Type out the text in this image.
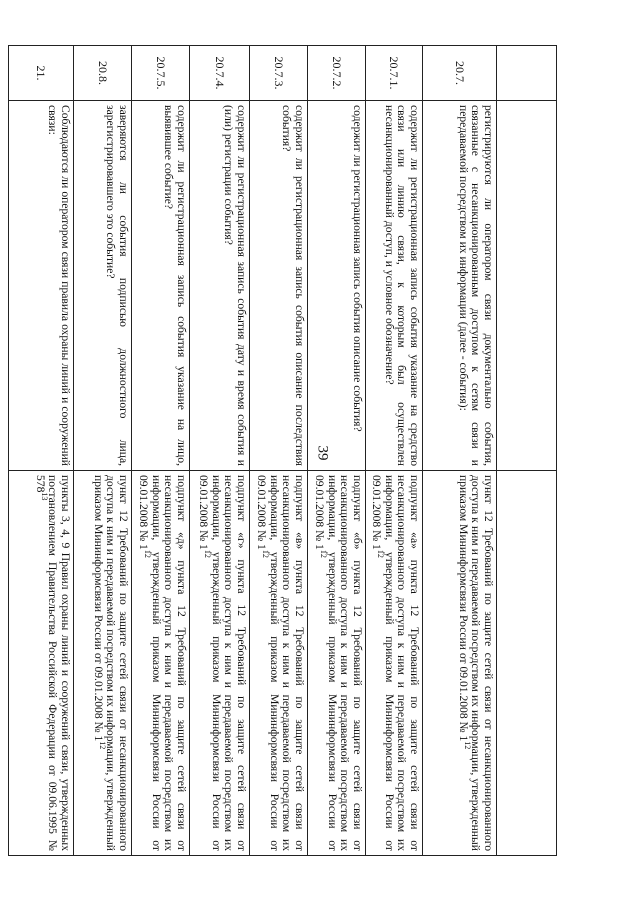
39

20.7.	регистрируются ли оператором связи документально события, связанные с несанкционированным доступом к сетям связи и передаваемой посредством их информации (далее - события):	пункт 12 Требований по защите сетей связи от несанкционированного доступа к ним и передаваемой посредством их информации, утвержденный приказом Мининформсвязи России от 09.01.2008 № $1^{12}$
20.7.1.	содержит ли регистрационная запись события указание на средство связи или линию связи, к которым был осуществлен несанкционированный доступ, и условное обозначение?	подпункт «а» пункта 12 Требований по защите сетей связи от несанкционированного доступа к ним и передаваемой посредством их информации, утвержденный приказом Мининформсвязи России от 09.01.2008 № $1^{12}$
20.7.2.	содержит ли регистрационная запись события описание события?	подпункт «б» пункта 12 Требований по защите сетей связи от несанкционированного доступа к ним и передаваемой посредством их информации, утвержденный приказом Мининформсвязи России от 09.01.2008 № $1^{12}$
20.7.3.	содержит ли регистрационная запись события описание последствия события?	подпункт «в» пункта 12 Требований по защите сетей связи от несанкционированного доступа к ним и передаваемой посредством их информации, утвержденный приказом Мининформсвязи России от 09.01.2008 № $1^{12}$
20.7.4.	содержит ли регистрационная запись события дату и время события и (или) регистрации события?	подпункт «г» пункта 12 Требований по защите сетей связи от несанкционированного доступа к ним и передаваемой посредством их информации, утвержденный приказом Мининформсвязи России от 09.01.2008 № $1^{12}$
20.7.5.	содержит ли регистрационная запись события указание на лицо, выявившее событие?	подпункт «д» пункта 12 Требований по защите сетей связи от несанкционированного доступа к ним и передаваемой посредством их информации, утвержденный приказом Мининформсвязи России от 09.01.2008 № $1^{12}$
20.8.	заверяются ли события подписью должностного лица, зарегистрировавшего это событие?	пункт 12 Требований по защите сетей связи от несанкционированного доступа к ним и передаваемой посредством их информации, утвержденный приказом Мининформсвязи России от 09.01.2008 № $1^{12}$
21.	Соблюдаются ли оператором связи правила охраны линий и сооружений связи:	пункты 3, 4, 9 Правил охраны линий и сооружений связи, утвержденных постановлением Правительства Российской Федерации от 09.06.1995 № $578^{13}$
